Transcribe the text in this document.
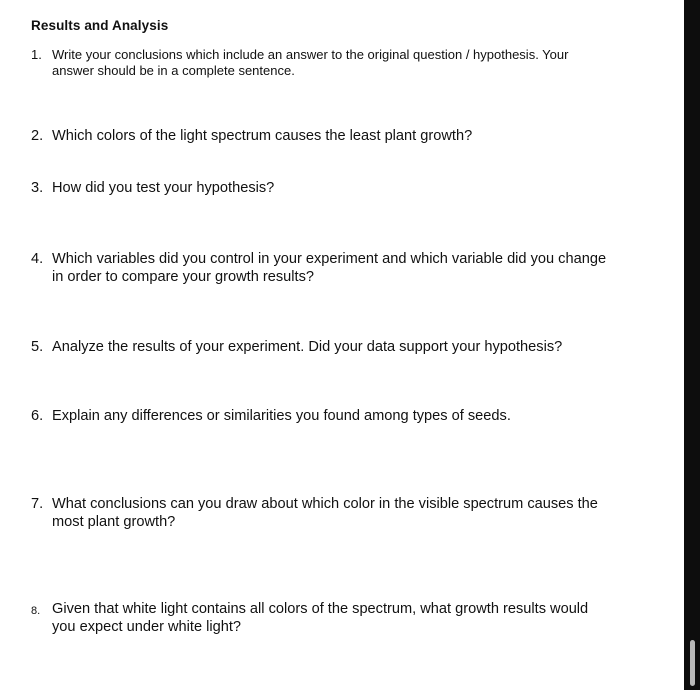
Results and Analysis
1. Write your conclusions which include an answer to the original question / hypothesis. Your answer should be in a complete sentence.
2. Which colors of the light spectrum causes the least plant growth?
3. How did you test your hypothesis?
4. Which variables did you control in your experiment and which variable did you change in order to compare your growth results?
5. Analyze the results of your experiment. Did your data support your hypothesis?
6. Explain any differences or similarities you found among types of seeds.
7. What conclusions can you draw about which color in the visible spectrum causes the most plant growth?
8. Given that white light contains all colors of the spectrum, what growth results would you expect under white light?
